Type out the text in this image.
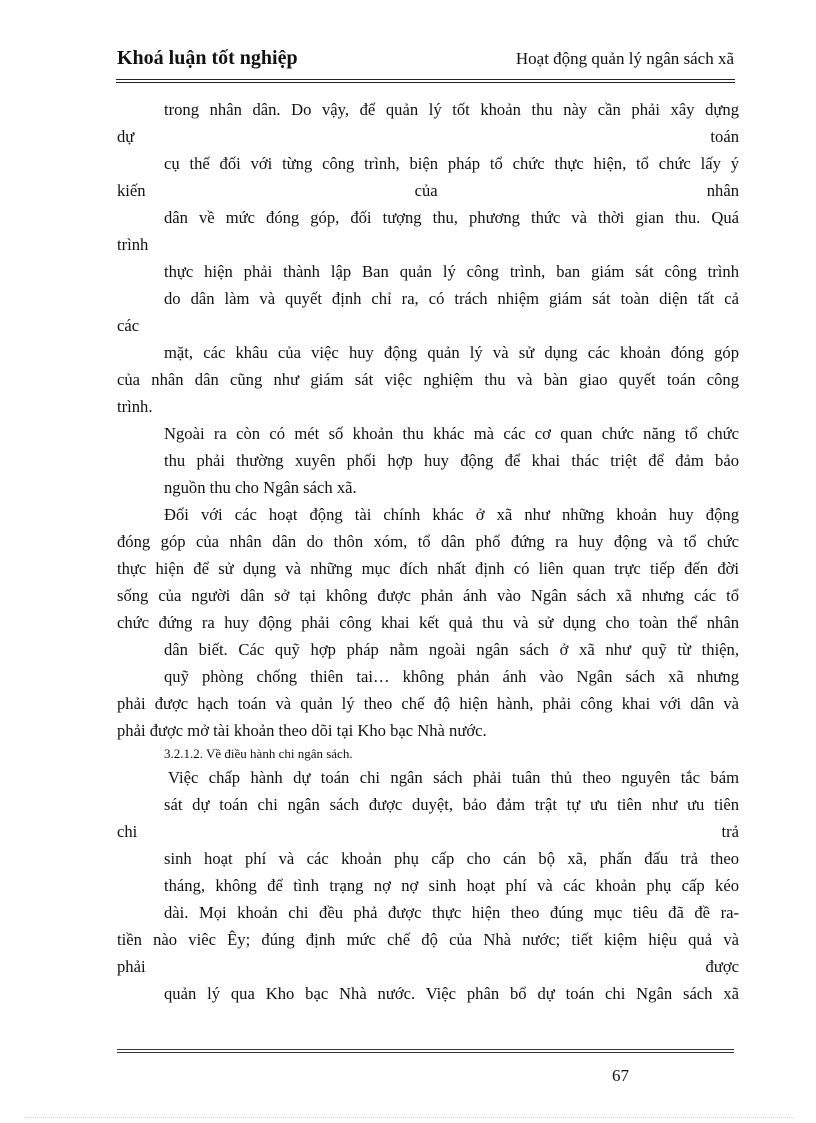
Khoá luận tốt nghiệp	Hoạt động quản lý ngân sách xã
trong nhân dân. Do vậy, để quản lý tốt khoản thu này cần phải xây dựng
dự toán
cụ thể đối với từng công trình, biện pháp tổ chức thực hiện, tổ chức lấy ý
kiến của nhân
dân về mức đóng góp, đối tượng thu, phương thức và thời gian thu. Quá
trình
thực hiện phải thành lập Ban quản lý công trình, ban giám sát công trình
do dân làm và quyết định chỉ ra, có trách nhiệm giám sát toàn diện tất cả
các
mặt, các khâu của việc huy động quản lý và sử dụng các khoản đóng góp
của nhân dân cũng như giám sát việc nghiệm thu và bàn giao quyết toán công
trình.
Ngoài ra còn có mét số khoản thu khác mà các cơ quan chức năng tổ chức
thu phải thường xuyên phối hợp huy động để khai thác triệt để đảm bảo
nguồn thu cho Ngân sách xã.
Đối với các hoạt động tài chính khác ở xã như những khoản huy động
đóng góp của nhân dân do thôn xóm, tổ dân phố đứng ra huy động và tổ chức
thực hiện để sử dụng và những mục đích nhất định có liên quan trực tiếp đến đời
sống của người dân sở tại không được phản ánh vào Ngân sách xã nhưng các tổ
chức đứng ra huy động phải công khai kết quả thu và sử dụng cho toàn thể nhân
dân biết. Các quỹ hợp pháp nằm ngoài ngân sách ở xã như quỹ từ thiện,
quỹ phòng chống thiên tai… không phản ánh vào Ngân sách xã nhưng
phải được hạch toán và quản lý theo chế độ hiện hành, phải công khai với dân và
phải được mở tài khoản theo dõi tại Kho bạc Nhà nước.
3.2.1.2. Về điều hành chi ngân sách.
Việc chấp hành dự toán chi ngân sách phải tuân thủ theo nguyên tắc bám
sát dự toán chi ngân sách được duyệt, bảo đảm trật tự ưu tiên như ưu tiên
chi trả
sinh hoạt phí và các khoản phụ cấp cho cán bộ xã, phấn đấu trả theo
tháng, không để tình trạng nợ nợ sinh hoạt phí và các khoản phụ cấp kéo
dài. Mọi khoản chi đều phả được thực hiện theo đúng mục tiêu đã đề ra-
tiền nào viêc Êy; đúng định mức chế độ của Nhà nước; tiết kiệm hiệu quả và
phải được
quản lý qua Kho bạc Nhà nước. Việc phân bổ dự toán chi Ngân sách xã
67
